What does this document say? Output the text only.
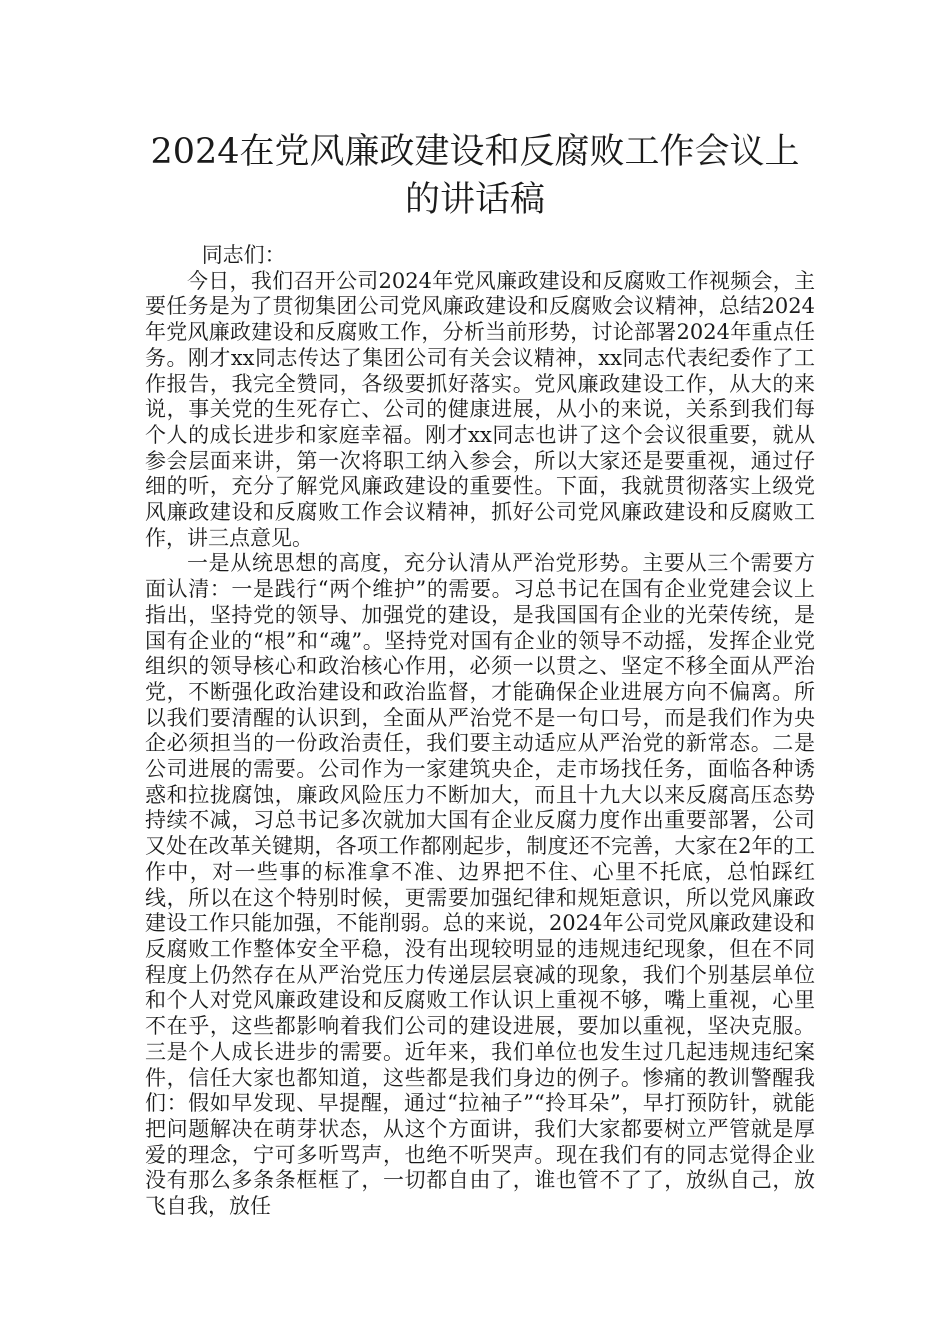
2024在党风廉政建设和反腐败工作会议上
的讲话稿

同志们：

今日，我们召开公司2024年党风廉政建设和反腐败工作视频会，主要任务是为了贯彻集团公司党风廉政建设和反腐败会议精神，总结2024年党风廉政建设和反腐败工作，分析当前形势，讨论部署2024年重点任务。刚才xx同志传达了集团公司有关会议精神，xx同志代表纪委作了工作报告，我完全赞同，各级要抓好落实。党风廉政建设工作，从大的来说，事关党的生死存亡、公司的健康进展，从小的来说，关系到我们每个人的成长进步和家庭幸福。刚才xx同志也讲了这个会议很重要，就从参会层面来讲，第一次将职工纳入参会，所以大家还是要重视，通过仔细的听，充分了解党风廉政建设的重要性。下面，我就贯彻落实上级党风廉政建设和反腐败工作会议精神，抓好公司党风廉政建设和反腐败工作，讲三点意见。

一是从统思想的高度，充分认清从严治党形势。主要从三个需要方面认清：一是践行“两个维护”的需要。习总书记在国有企业党建会议上指出，坚持党的领导、加强党的建设，是我国国有企业的光荣传统，是国有企业的“根”和“魂”。坚持党对国有企业的领导不动摇，发挥企业党组织的领导核心和政治核心作用，必须一以贯之、坚定不移全面从严治党，不断强化政治建设和政治监督，才能确保企业进展方向不偏离。所以我们要清醒的认识到，全面从严治党不是一句口号，而是我们作为央企必须担当的一份政治责任，我们要主动适应从严治党的新常态。二是公司进展的需要。公司作为一家建筑央企，走市场找任务，面临各种诱惑和拉拢腐蚀，廉政风险压力不断加大，而且十九大以来反腐高压态势持续不减，习总书记多次就加大国有企业反腐力度作出重要部署，公司又处在改革关键期，各项工作都刚起步，制度还不完善，大家在2年的工作中，对一些事的标准拿不准、边界把不住、心里不托底，总怕踩红线，所以在这个特别时候，更需要加强纪律和规矩意识，所以党风廉政建设工作只能加强，不能削弱。总的来说，2024年公司党风廉政建设和反腐败工作整体安全平稳，没有出现较明显的违规违纪现象，但在不同程度上仍然存在从严治党压力传递层层衰减的现象，我们个别基层单位和个人对党风廉政建设和反腐败工作认识上重视不够，嘴上重视，心里不在乎，这些都影响着我们公司的建设进展，要加以重视，坚决克服。三是个人成长进步的需要。近年来，我们单位也发生过几起违规违纪案件，信任大家也都知道，这些都是我们身边的例子。惨痛的教训警醒我们：假如早发现、早提醒，通过“拉袖子”“拎耳朵”，早打预防针，就能把问题解决在萌芽状态，从这个方面讲，我们大家都要树立严管就是厚爱的理念，宁可多听骂声，也绝不听哭声。现在我们有的同志觉得企业没有那么多条条框框了，一切都自由了，谁也管不了了，放纵自己，放飞自我，放任
